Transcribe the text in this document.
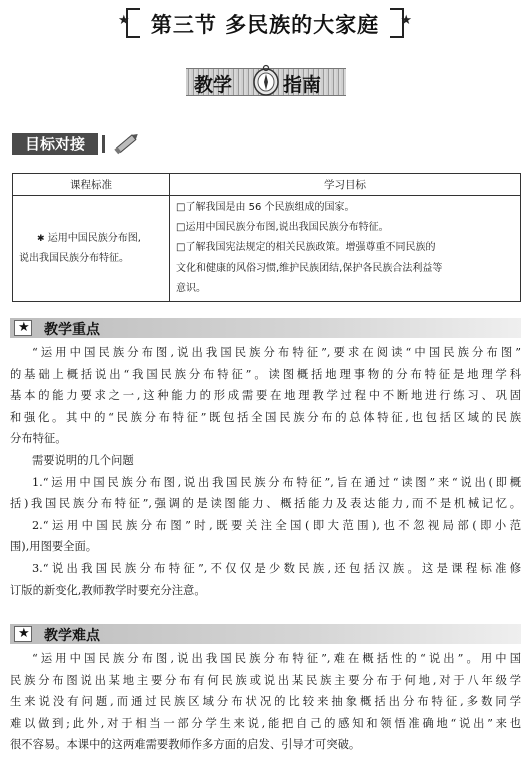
★	第三节 多民族的大家庭	★
教学	指南
目标对接
课程标准	学习目标

✱ 运用中国民族分布图,
说出我国民族分布特征。	□了解我国是由 56 个民族组成的国家。
□运用中国民族分布图,说出我国民族分布特征。
□了解我国宪法规定的相关民族政策。增强尊重不同民族的
文化和健康的风俗习惯,维护民族团结,保护各民族合法利益等
意识。
★ 教学重点
“运用中国民族分布图,说出我国民族分布特征”,要求在阅读“中国民族分布图”
的基础上概括说出“我国民族分布特征”。读图概括地理事物的分布特征是地理学科
基本的能力要求之一,这种能力的形成需要在地理教学过程中不断地进行练习、巩固
和强化。其中的“民族分布特征”既包括全国民族分布的总体特征,也包括区域的民族
分布特征。
需要说明的几个问题
1.“运用中国民族分布图,说出我国民族分布特征”,旨在通过“读图”来“说出(即概
括)我国民族分布特征”,强调的是读图能力、概括能力及表达能力,而不是机械记忆。
2.“运用中国民族分布图”时,既要关注全国(即大范围),也不忽视局部(即小范
围),用图要全面。
3.“说出我国民族分布特征”,不仅仅是少数民族,还包括汉族。这是课程标准修
订版的新变化,教师教学时要充分注意。
★ 教学难点
“运用中国民族分布图,说出我国民族分布特征”,难在概括性的“说出”。用中国
民族分布图说出某地主要分布有何民族或说出某民族主要分布于何地,对于八年级学
生来说没有问题,而通过民族区域分布状况的比较来抽象概括出分布特征,多数同学
难以做到;此外,对于相当一部分学生来说,能把自己的感知和领悟准确地“说出”来也
很不容易。本课中的这两难需要教师作多方面的启发、引导才可突破。
